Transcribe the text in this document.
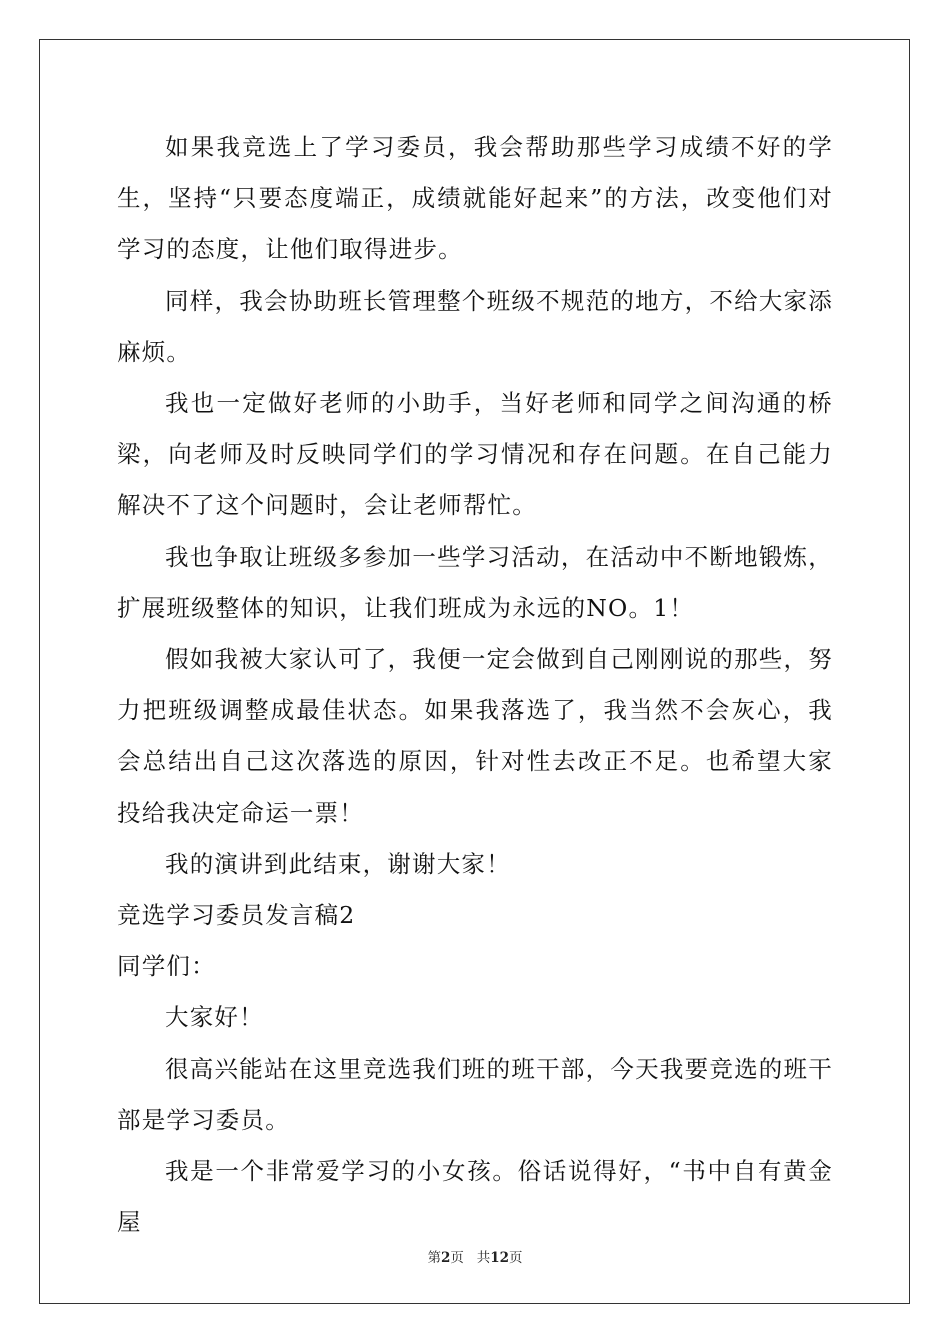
如果我竞选上了学习委员，我会帮助那些学习成绩不好的学生，坚持“只要态度端正，成绩就能好起来”的方法，改变他们对学习的态度，让他们取得进步。

同样，我会协助班长管理整个班级不规范的地方，不给大家添麻烦。

我也一定做好老师的小助手，当好老师和同学之间沟通的桥梁，向老师及时反映同学们的学习情况和存在问题。在自己能力解决不了这个问题时，会让老师帮忙。

我也争取让班级多参加一些学习活动，在活动中不断地锻炼，扩展班级整体的知识，让我们班成为永远的NO。1！

假如我被大家认可了，我便一定会做到自己刚刚说的那些，努力把班级调整成最佳状态。如果我落选了，我当然不会灰心，我会总结出自己这次落选的原因，针对性去改正不足。也希望大家投给我决定命运一票！

我的演讲到此结束，谢谢大家！

竞选学习委员发言稿2

同学们：

大家好！

很高兴能站在这里竞选我们班的班干部，今天我要竞选的班干部是学习委员。

我是一个非常爱学习的小女孩。俗话说得好，“书中自有黄金屋

第2页 共12页
